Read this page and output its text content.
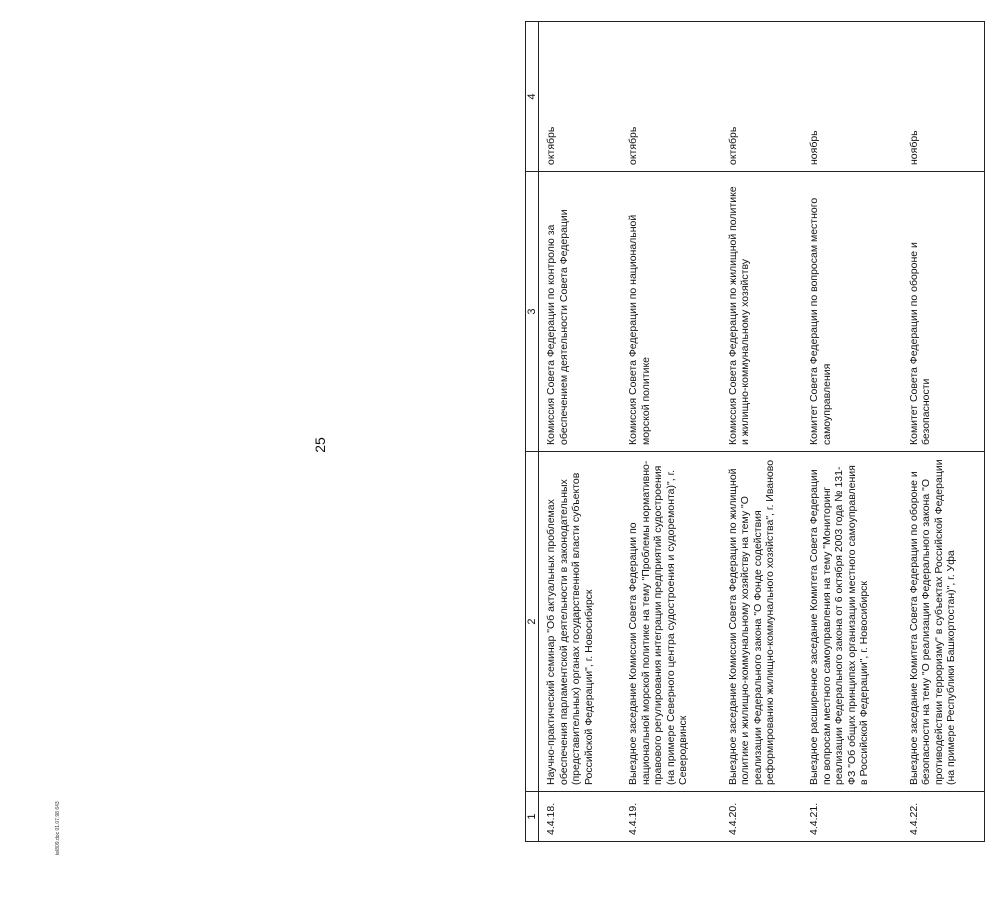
25
1	2	3	4
4.4.18.	Научно-практический семинар "Об актуальных проблемах обеспечения парламентской деятельности в законодательных (представительных) органах государственной власти субъектов Российской Федерации", г. Новосибирск	Комиссия Совета Федерации по контролю за обеспечением деятельности Совета Федерации	октябрь
4.4.19.	Выездное заседание Комиссии Совета Федерации по национальной морской политике на тему "Проблемы нормативно-правового регулирования интеграции предприятий судостроения (на примере Северного центра судостроения и судоремонта)", г. Северодвинск	Комиссия Совета Федерации по национальной морской политике	октябрь
4.4.20.	Выездное заседание Комиссии Совета Федерации по жилищной политике и жилищно-коммунальному хозяйству на тему "О реализации Федерального закона "О Фонде содействия реформированию жилищно-коммунального хозяйства", г. Иваново	Комиссия Совета Федерации по жилищной политике и жилищно-коммунальному хозяйству	октябрь
4.4.21.	Выездное расширенное заседание Комитета Совета Федерации по вопросам местного самоуправления на тему "Мониторинг реализации Федерального закона от 6 октября 2003 года № 131-ФЗ "Об общих принципах организации местного самоуправления в Российской Федерации", г. Новосибирск	Комитет Совета Федерации по вопросам местного самоуправления	ноябрь
4.4.22.	Выездное заседание Комитета Совета Федерации по обороне и безопасности на тему "О реализации Федерального закона "О противодействии терроризму" в субъектах Российской Федерации (на примере Республики Башкортостан)", г. Уфа	Комитет Совета Федерации по обороне и безопасности	ноябрь
tel809.doc 01.07.98 643
